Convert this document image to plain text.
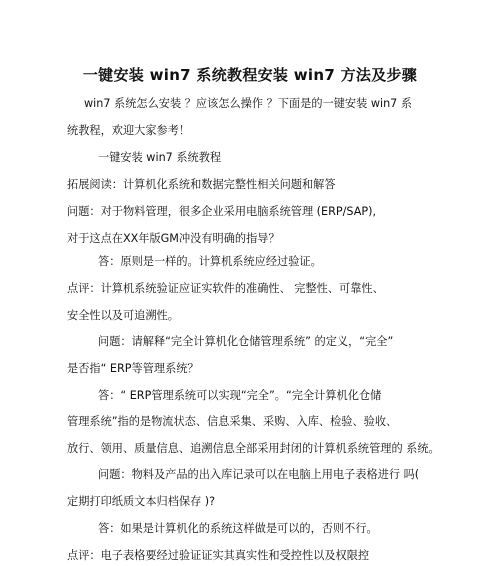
一键安装 win7 系统教程安装 win7 方法及步骤
win7 系统怎么安装 ？应该怎么操作 ？下面是的一键安装 win7 系
统教程，欢迎大家参考！
一键安装 win7 系统教程
拓展阅读：计算机化系统和数据完整性相关问题和解答
问题：对于物料管理，很多企业采用电脑系统管理 (ERP/SAP),
对于这点在XX年版GM冲没有明确的指导？
答：原则是一样的。计算机系统应经过验证。
点评：计算机系统验证应证实软件的准确性、 完整性、可靠性、
安全性以及可追溯性。
问题：请解释“完全计算机化仓储管理系统” 的定义，“完全”
是否指“ ERP等管理系统？
答：“ ERP管理系统可以实现“完全”。“完全计算机化仓储
管理系统”指的是物流状态、信息采集、采购、入库、检验、验收、
放行、领用、质量信息、追溯信息全部采用封闭的计算机系统管理的 系统。
问题：物料及产品的出入库记录可以在电脑上用电子表格进行 吗(
定期打印纸质文本归档保存 )?
答：如果是计算机化的系统这样做是可以的，否则不行。
点评：电子表格要经过验证证实其真实性和受控性以及权限控
